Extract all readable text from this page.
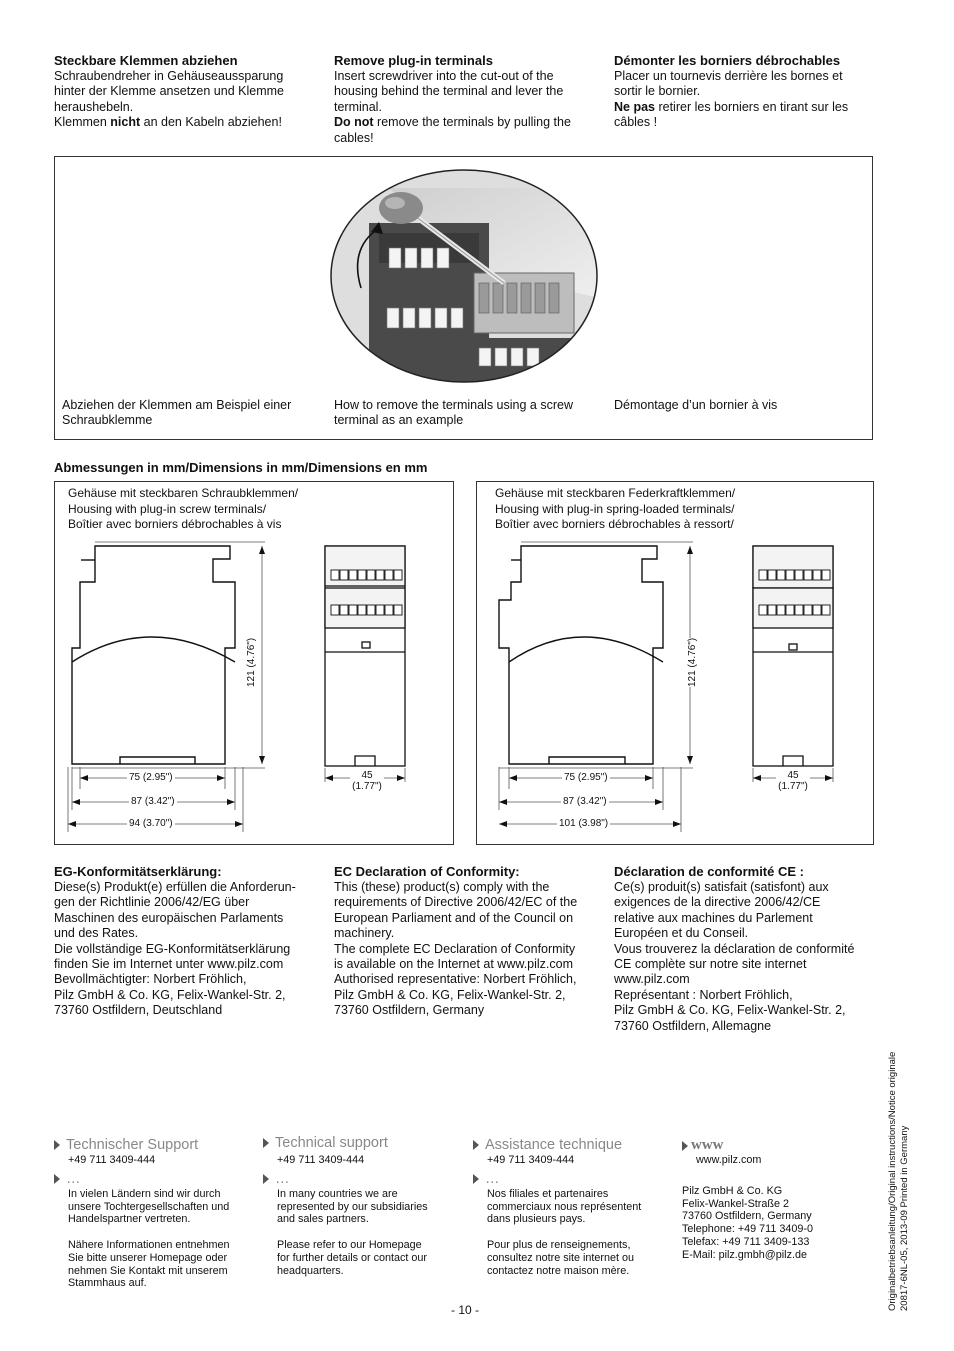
Steckbare Klemmen abziehen

Schraubendreher in Gehäuseaussparung

hinter der Klemme ansetzen und Klemme

heraushebeln.

Klemmen nicht an den Kabeln abziehen!

Remove plug-in terminals

Insert screwdriver into the cut-out of the

housing behind the terminal and lever the

terminal.

Do not remove the terminals by pulling the

cables!

Démonter les borniers débrochables

Placer un tournevis derrière les bornes et

sortir le bornier.

Ne pas retirer les borniers en tirant sur les

câbles !

Abziehen der Klemmen am Beispiel einer
Schraubklemme
How to remove the terminals using a screw
terminal as an example
Démontage d’un bornier à vis
Abmessungen in mm/Dimensions in mm/Dimensions en mm
Gehäuse mit steckbaren Schraubklemmen/
Housing with plug-in screw terminals/
Boîtier avec borniers débrochables à vis
121 (4.76")
75 (2.95")
87 (3.42")
94 (3.70")
45
(1.77")
Gehäuse mit steckbaren Federkraftklemmen/
Housing with plug-in spring-loaded terminals/
Boîtier avec borniers débrochables à ressort/
121 (4.76")
75 (2.95")
87 (3.42")
101 (3.98")
45
(1.77")
EG-Konformitätserklärung:

Diese(s) Produkt(e) erfüllen die Anforderun-

gen der Richtlinie 2006/42/EG über

Maschinen des europäischen Parlaments

und des Rates.

Die vollständige EG-Konformitätserklärung

finden Sie im Internet unter www.pilz.com

Bevollmächtigter: Norbert Fröhlich,

Pilz GmbH & Co. KG, Felix-Wankel-Str. 2,

73760 Ostfildern, Deutschland

EC Declaration of Conformity:

This (these) product(s) comply with the

requirements of Directive 2006/42/EC of the

European Parliament and of the Council on

machinery.

The complete EC Declaration of Conformity

is available on the Internet at www.pilz.com

Authorised representative: Norbert Fröhlich,

Pilz GmbH & Co. KG, Felix-Wankel-Str. 2,

73760 Ostfildern, Germany

Déclaration de conformité CE :

Ce(s) produit(s) satisfait (satisfont) aux

exigences de la directive 2006/42/CE

relative aux machines du Parlement

Européen et du Conseil.

Vous trouverez la déclaration de conformité

CE complète sur notre site internet

www.pilz.com

Représentant : Norbert Fröhlich,

Pilz GmbH & Co. KG, Felix-Wankel-Str. 2,

73760 Ostfildern, Allemagne

Technischer Support
+49 711 3409-444
…
In vielen Ländern sind wir durch
unsere Tochtergesellschaften und
Handelspartner vertreten.
Nähere Informationen entnehmen
Sie bitte unserer Homepage oder
nehmen Sie Kontakt mit unserem
Stammhaus auf.
Technical support
+49 711 3409-444
…
In many countries we are
represented by our subsidiaries
and sales partners.
Please refer to our Homepage
for further details or contact our
headquarters.
Assistance technique
+49 711 3409-444
…
Nos filiales et partenaires
commerciaux nous représentent
dans plusieurs pays.
Pour plus de renseignements,
consultez notre site internet ou
contactez notre maison mère.
www
www.pilz.com
Pilz GmbH & Co. KG
Felix-Wankel-Straße 2
73760 Ostfildern, Germany
Telephone: +49 711 3409-0
Telefax: +49 711 3409-133
E-Mail: pilz.gmbh@pilz.de	Originalbetriebsanleitung/Original instructions/Notice originale 20817-6NL-05, 2013-09 Printed in Germany
- 10 -
